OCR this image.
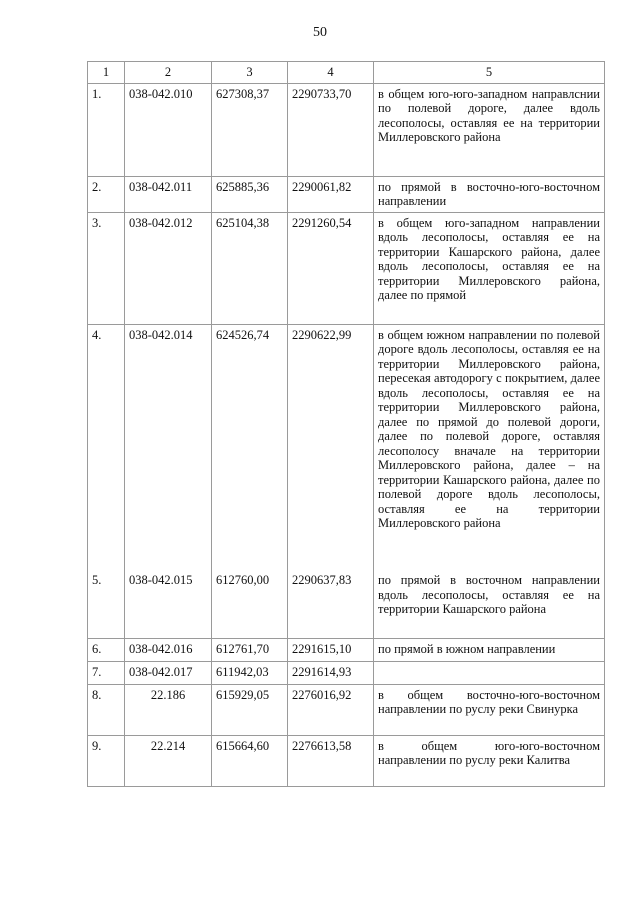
50
1	2	3	4	5
1.	038-042.010	627308,37	2290733,70	в общем юго-юго-западном направлснии по полевой дороге, далее вдоль лесополосы, оставляя ее на территории Миллеровского района
2.	038-042.011	625885,36	2290061,82	по прямой в восточно-юго-восточном направлении
3.	038-042.012	625104,38	2291260,54	в общем юго-западном направлении вдоль лесополосы, оставляя ее на территории Кашарского района, далее вдоль лесополосы, оставляя ее на территории Миллеровского района, далее по прямой
4.	038-042.014	624526,74	2290622,99	в общем южном направлении по полевой дороге вдоль лесополосы, оставляя ее на территории Миллеровского района, пересекая автодорогу с покрытием, далее вдоль лесополосы, оставляя ее на территории Миллеровского района, далее по прямой до полевой дороги, далее по полевой дороге, оставляя лесополосу вначале на территории Миллеровского района, далее – на территории Кашарского района, далее по полевой дороге вдоль лесополосы, оставляя ее на территории Миллеровского района
5.	038-042.015	612760,00	2290637,83	по прямой в восточном направлении вдоль лесополосы, оставляя ее на территории Кашарского района
6.	038-042.016	612761,70	2291615,10	по прямой в южном направлении
7.	038-042.017	611942,03	2291614,93	
8.	22.186	615929,05	2276016,92	в общем восточно-юго-восточном направлении по руслу реки Свинурка
9.	22.214	615664,60	2276613,58	в общем юго-юго-восточном направлении по руслу реки Калитва
